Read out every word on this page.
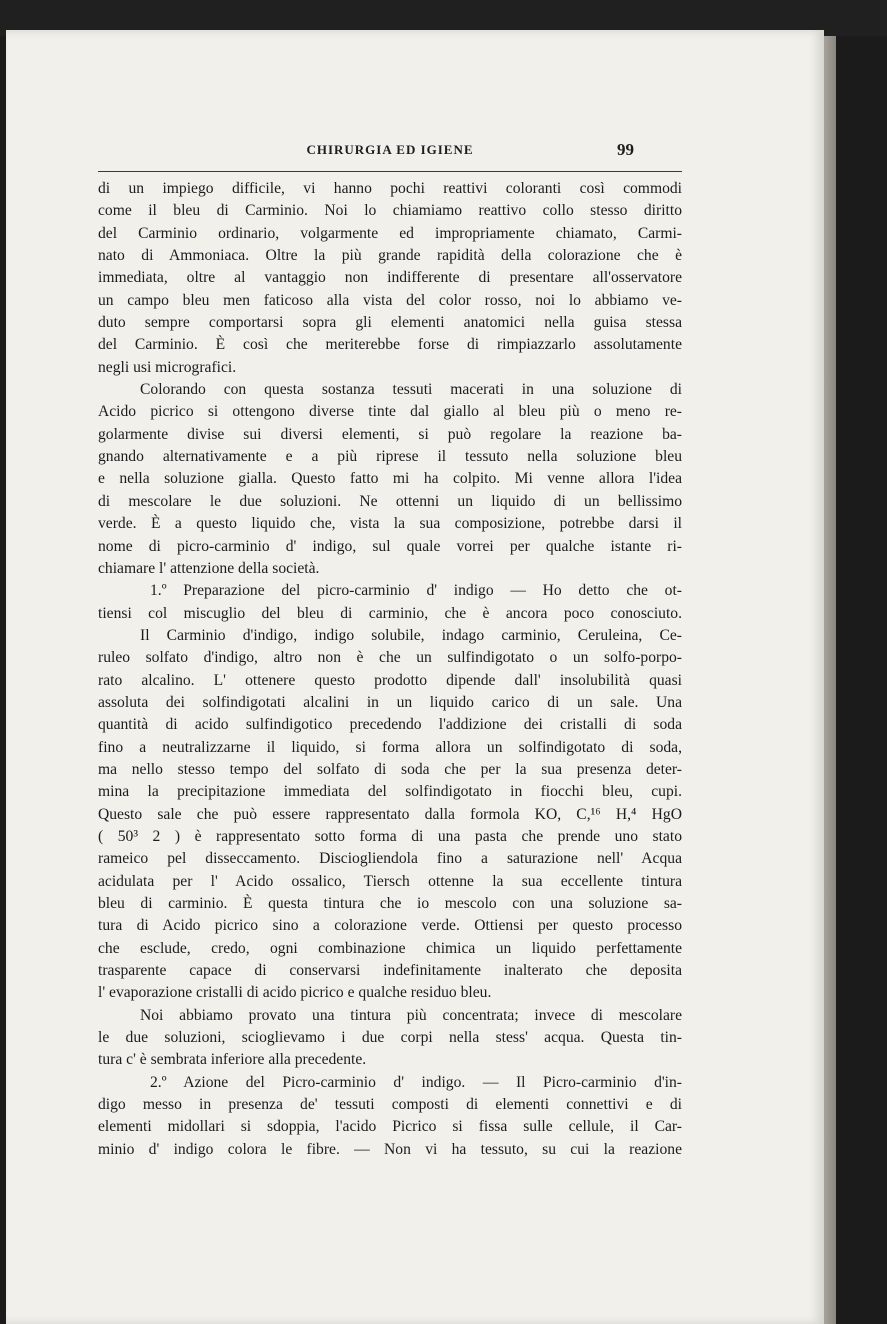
CHIRURGIA ED IGIENE	99
di un impiego difficile, vi hanno pochi reattivi coloranti così commodi
come il bleu di Carminio. Noi lo chiamiamo reattivo collo stesso diritto
del Carminio ordinario, volgarmente ed impropriamente chiamato, Carmi-
nato di Ammoniaca. Oltre la più grande rapidità della colorazione che è
immediata, oltre al vantaggio non indifferente di presentare all'osservatore
un campo bleu men faticoso alla vista del color rosso, noi lo abbiamo ve-
duto sempre comportarsi sopra gli elementi anatomici nella guisa stessa
del Carminio. È così che meriterebbe forse di rimpiazzarlo assolutamente
negli usi micrografici.
Colorando con questa sostanza tessuti macerati in una soluzione di
Acido picrico si ottengono diverse tinte dal giallo al bleu più o meno re-
golarmente divise sui diversi elementi, si può regolare la reazione ba-
gnando alternativamente e a più riprese il tessuto nella soluzione bleu
e nella soluzione gialla. Questo fatto mi ha colpito. Mi venne allora l'idea
di mescolare le due soluzioni. Ne ottenni un liquido di un bellissimo
verde. È a questo liquido che, vista la sua composizione, potrebbe darsi il
nome di picro-carminio d' indigo, sul quale vorrei per qualche istante ri-
chiamare l' attenzione della società.
1.º Preparazione del picro-carminio d' indigo — Ho detto che ot-
tiensi col miscuglio del bleu di carminio, che è ancora poco conosciuto.
Il Carminio d'indigo, indigo solubile, indago carminio, Ceruleina, Ce-
ruleo solfato d'indigo, altro non è che un sulfindigotato o un solfo-porpo-
rato alcalino. L' ottenere questo prodotto dipende dall' insolubilità quasi
assoluta dei solfindigotati alcalini in un liquido carico di un sale. Una
quantità di acido sulfindigotico precedendo l'addizione dei cristalli di soda
fino a neutralizzarne il liquido, si forma allora un solfindigotato di soda,
ma nello stesso tempo del solfato di soda che per la sua presenza deter-
mina la precipitazione immediata del solfindigotato in fiocchi bleu, cupi.
Questo sale che può essere rappresentato dalla formola KO, C,¹⁶ H,⁴ HgO
( 50³ 2 ) è rappresentato sotto forma di una pasta che prende uno stato
rameico pel disseccamento. Disciogliendola fino a saturazione nell' Acqua
acidulata per l' Acido ossalico, Tiersch ottenne la sua eccellente tintura
bleu di carminio. È questa tintura che io mescolo con una soluzione sa-
tura di Acido picrico sino a colorazione verde. Ottiensi per questo processo
che esclude, credo, ogni combinazione chimica un liquido perfettamente
trasparente capace di conservarsi indefinitamente inalterato che deposita
l' evaporazione cristalli di acido picrico e qualche residuo bleu.
Noi abbiamo provato una tintura più concentrata; invece di mescolare
le due soluzioni, scioglievamo i due corpi nella stess' acqua. Questa tin-
tura c' è sembrata inferiore alla precedente.
2.º Azione del Picro-carminio d' indigo. — Il Picro-carminio d'in-
digo messo in presenza de' tessuti composti di elementi connettivi e di
elementi midollari si sdoppia, l'acido Picrico si fissa sulle cellule, il Car-
minio d' indigo colora le fibre. — Non vi ha tessuto, su cui la reazione
